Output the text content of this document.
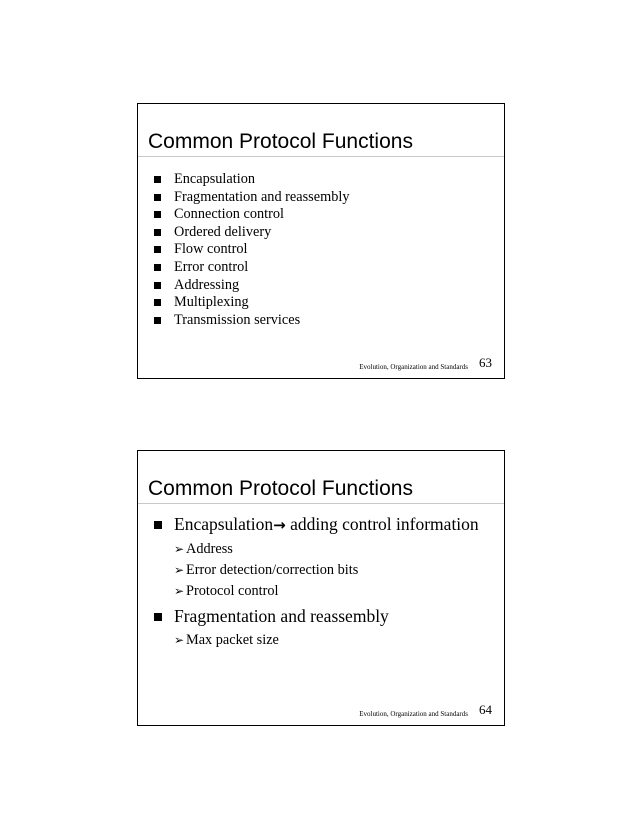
Common Protocol Functions
Encapsulation
Fragmentation and reassembly
Connection control
Ordered delivery
Flow control
Error control
Addressing
Multiplexing
Transmission services
Evolution, Organization and Standards 63
Common Protocol Functions
Encapsulation→ adding control information
➢ Address
➢ Error detection/correction bits
➢ Protocol control
Fragmentation and reassembly
➢ Max packet size
Evolution, Organization and Standards 64
